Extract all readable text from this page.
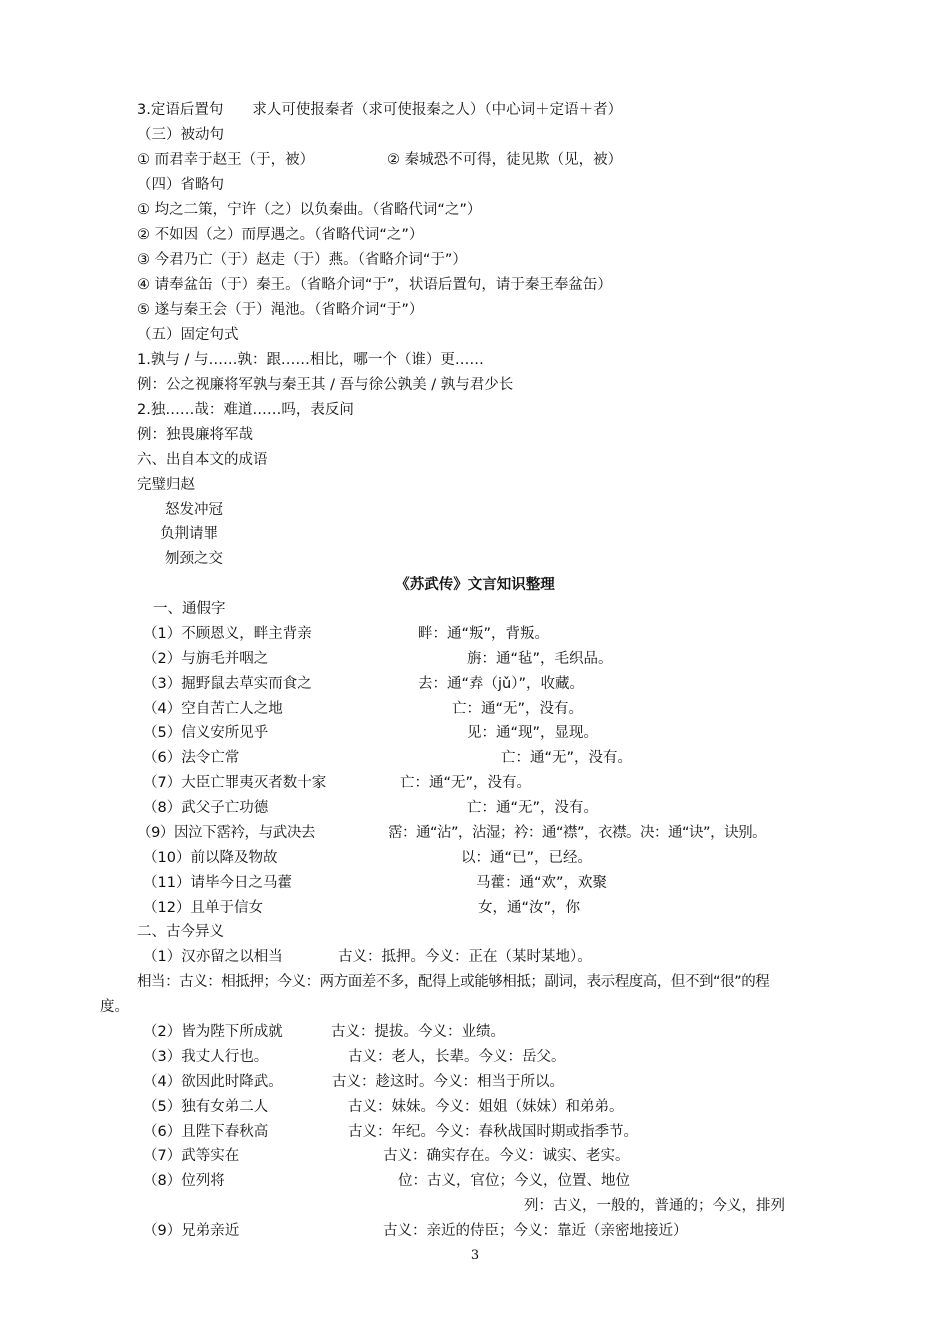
3.定语后置句　　求人可使报秦者（求可使报秦之人）（中心词＋定语＋者）
（三）被动句
① 而君幸于赵王（于，被）	② 秦城恐不可得，徒见欺（见，被）
（四）省略句
① 均之二策，宁许（之）以负秦曲。（省略代词“之”）
② 不如因（之）而厚遇之。（省略代词“之”）
③ 今君乃亡（于）赵走（于）燕。（省略介词“于”）
④ 请奉盆缶（于）秦王。（省略介词“于”，状语后置句，请于秦王奉盆缶）
⑤ 遂与秦王会（于）渑池。（省略介词“于”）
（五）固定句式
1.孰与 / 与……孰：跟……相比，哪一个（谁）更……
例：公之视廉将军孰与秦王其 / 吾与徐公孰美 / 孰与君少长
2.独……哉：难道……吗，表反问
例：独畏廉将军哉
六、出自本文的成语
完璧归赵
怒发冲冠
负荆请罪
刎颈之交
《苏武传》文言知识整理
一、通假字
（1）不顾恩义，畔主背亲	畔：通“叛”，背叛。
（2）与旃毛并咽之	旃：通“毡”，毛织品。
（3）掘野鼠去草实而食之	去：通“弆（jǔ）”，收藏。
（4）空自苦亡人之地	亡：通“无”，没有。
（5）信义安所见乎	见：通“现”，显现。
（6）法令亡常	亡：通“无”，没有。
（7）大臣亡罪夷灭者数十家	亡：通“无”，没有。
（8）武父子亡功德	亡：通“无”，没有。
（9）因泣下霑衿，与武决去	霑：通“沾”，沾湿；衿：通“襟”，衣襟。决：通“诀”，诀别。
（10）前以降及物故	以：通“已”，已经。
（11）请毕今日之马藿	马藿：通“欢”，欢聚
（12）且单于信女	女，通“汝”，你
二、古今异义
（1）汉亦留之以相当	古义：抵押。今义：正在（某时某地）。
相当：古义：相抵押；今义：两方面差不多，配得上或能够相抵；副词，表示程度高，但不到“很”的程
度。
（2）皆为陛下所成就	古义：提拔。今义：业绩。
（3）我丈人行也。	古义：老人，长辈。今义：岳父。
（4）欲因此时降武。	古义：趁这时。今义：相当于所以。
（5）独有女弟二人	古义：妹妹。今义：姐姐（妹妹）和弟弟。
（6）且陛下春秋高	古义：年纪。今义：春秋战国时期或指季节。
（7）武等实在	古义：确实存在。今义：诚实、老实。
（8）位列将	位：古义，官位；今义，位置、地位
列：古义，一般的，普通的；今义，排列
（9）兄弟亲近	古义：亲近的侍臣；今义：靠近（亲密地接近）
3
